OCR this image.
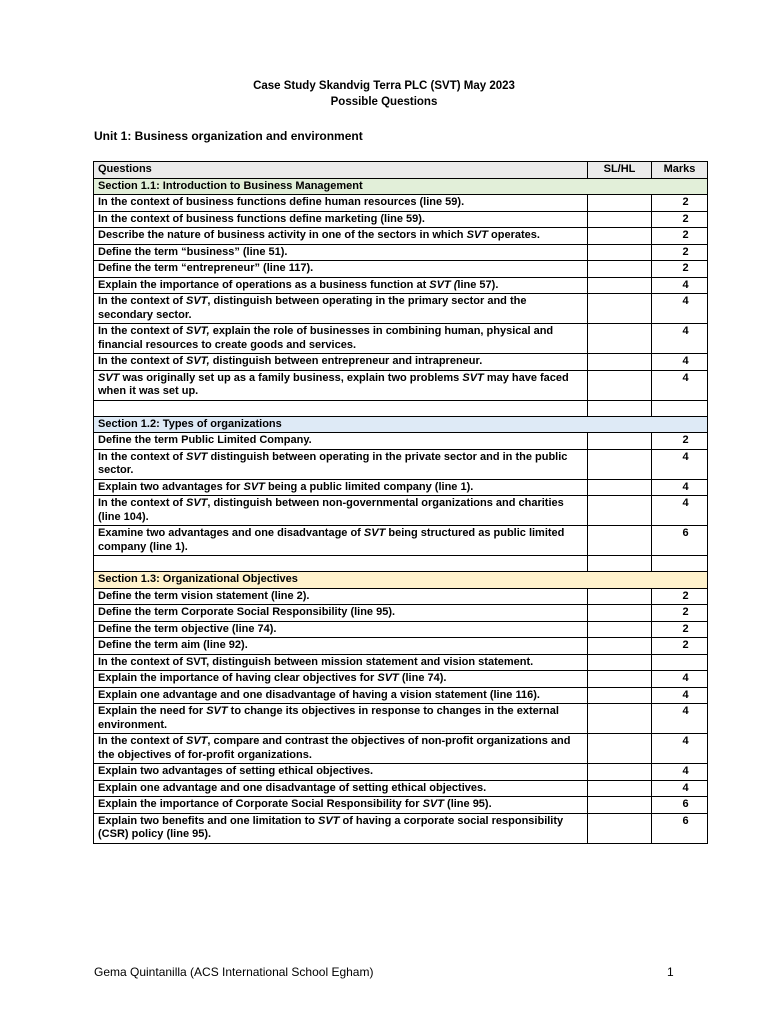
Case Study Skandvig Terra PLC (SVT) May 2023
Possible Questions
Unit 1: Business organization and environment
Questions	SL/HL	Marks
Section 1.1: Introduction to Business Management		
In the context of business functions define human resources (line 59).		2
In the context of business functions define marketing (line 59).		2
Describe the nature of business activity in one of the sectors in which SVT operates.		2
Define the term “business” (line 51).		2
Define the term “entrepreneur” (line 117).		2
Explain the importance of operations as a business function at SVT (line 57).		4
In the context of SVT, distinguish between operating in the primary sector and the secondary sector.		4
In the context of SVT, explain the role of businesses in combining human, physical and financial resources to create goods and services.		4
In the context of SVT, distinguish between entrepreneur and intrapreneur.		4
SVT was originally set up as a family business, explain two problems SVT may have faced when it was set up.		4

Section 1.2: Types of organizations		
Define the term Public Limited Company.		2
In the context of SVT distinguish between operating in the private sector and in the public sector.		4
Explain two advantages for SVT being a public limited company (line 1).		4
In the context of SVT, distinguish between non-governmental organizations and charities (line 104).		4
Examine two advantages and one disadvantage of SVT being structured as public limited company (line 1).		6

Section 1.3: Organizational Objectives		
Define the term vision statement (line 2).		2
Define the term Corporate Social Responsibility (line 95).		2
Define the term objective (line 74).		2
Define the term aim (line 92).		2
In the context of SVT, distinguish between mission statement and vision statement.		
Explain the importance of having clear objectives for SVT (line 74).		4
Explain one advantage and one disadvantage of having a vision statement (line 116).		4
Explain the need for SVT to change its objectives in response to changes in the external environment.		4
In the context of SVT, compare and contrast the objectives of non-profit organizations and the objectives of for-profit organizations.		4
Explain two advantages of setting ethical objectives.		4
Explain one advantage and one disadvantage of setting ethical objectives.		4
Explain the importance of Corporate Social Responsibility for SVT (line 95).		6
Explain two benefits and one limitation to SVT of having a corporate social responsibility (CSR) policy (line 95).		6
Gema Quintanilla (ACS International School Egham)	1
